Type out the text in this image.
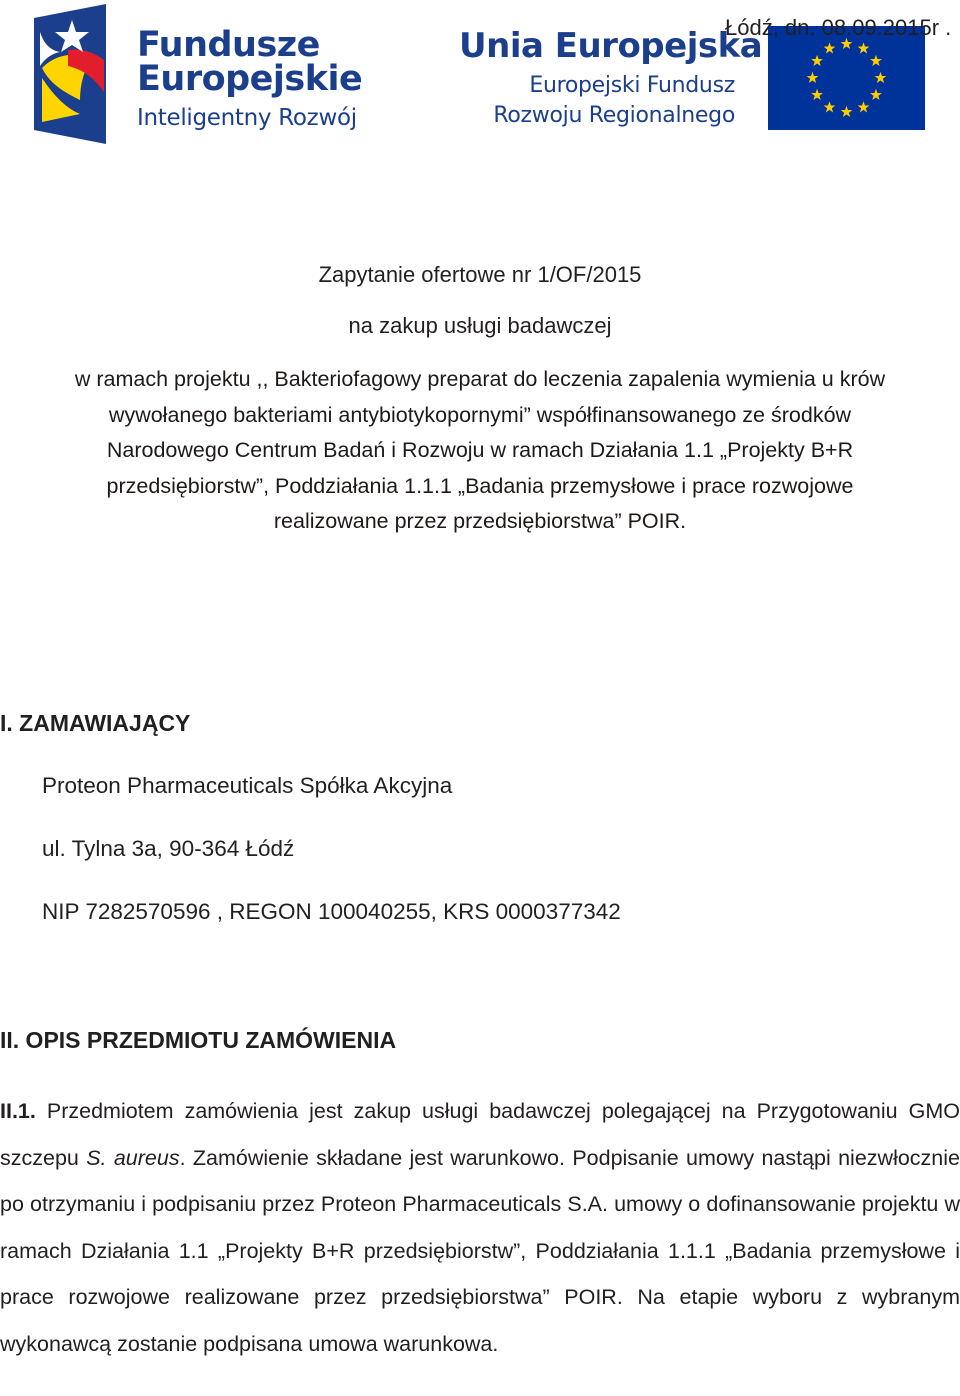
Fundusze
Europejskie
Inteligentny Rozwój
Unia Europejska
Europejski Fundusz
Rozwoju Regionalnego
Łódź, dn. 08.09.2015r .
Zapytanie ofertowe nr 1/OF/2015
na zakup usługi badawczej
w ramach projektu ,, Bakteriofagowy preparat do leczenia zapalenia wymienia u krów
wywołanego bakteriami antybiotykopornymi” współfinansowanego ze środków
Narodowego Centrum Badań i Rozwoju w ramach Działania 1.1 „Projekty B+R
przedsiębiorstw”, Poddziałania 1.1.1 „Badania przemysłowe i prace rozwojowe
realizowane przez przedsiębiorstwa” POIR.
I. ZAMAWIAJĄCY
Proteon Pharmaceuticals Spółka Akcyjna
ul. Tylna 3a, 90-364 Łódź
NIP 7282570596 , REGON 100040255, KRS 0000377342
II. OPIS PRZEDMIOTU ZAMÓWIENIA
II.1. Przedmiotem zamówienia jest zakup usługi badawczej polegającej na Przygotowaniu GMO szczepu S. aureus. Zamówienie składane jest warunkowo. Podpisanie umowy nastąpi niezwłocznie po otrzymaniu i podpisaniu przez Proteon Pharmaceuticals S.A. umowy o dofinansowanie projektu w ramach Działania 1.1 „Projekty B+R przedsiębiorstw”, Poddziałania 1.1.1 „Badania przemysłowe i prace rozwojowe realizowane przez przedsiębiorstwa” POIR. Na etapie wyboru z wybranym wykonawcą zostanie podpisana umowa warunkowa.
